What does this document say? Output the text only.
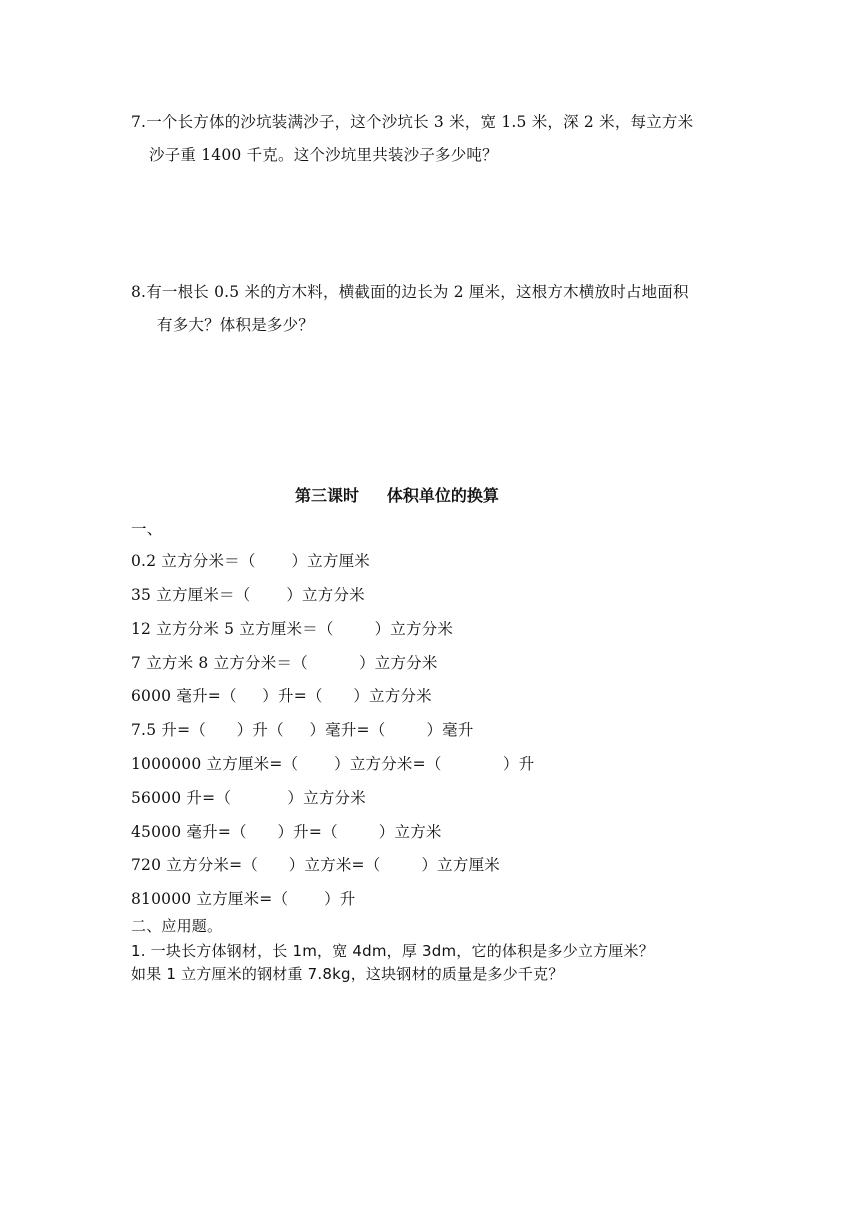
7.一个长方体的沙坑装满沙子，这个沙坑长 3 米，宽 1.5 米，深 2 米，每立方米
沙子重 1400 千克。这个沙坑里共装沙子多少吨？
8.有一根长 0.5 米的方木料，横截面的边长为 2 厘米，这根方木横放时占地面积
有多大？体积是多少？
第三课时     体积单位的换算
一、
0.2 立方分米＝（       ）立方厘米
35 立方厘米＝（       ）立方分米
12 立方分米 5 立方厘米＝（        ）立方分米
7 立方米 8 立方分米＝（          ）立方分米
6000 毫升=（     ）升=（      ）立方分米
7.5 升=（      ）升（     ）毫升=（        ）毫升
1000000 立方厘米=（       ）立方分米=（            ）升
56000 升=（           ）立方分米
45000 毫升=（      ）升=（        ）立方米
720 立方分米=（      ）立方米=（        ）立方厘米
810000 立方厘米=（       ）升
二、应用题。
1. 一块长方体钢材，长 1m，宽 4dm，厚 3dm，它的体积是多少立方厘米？
如果 1 立方厘米的钢材重 7.8kg，这块钢材的质量是多少千克？
